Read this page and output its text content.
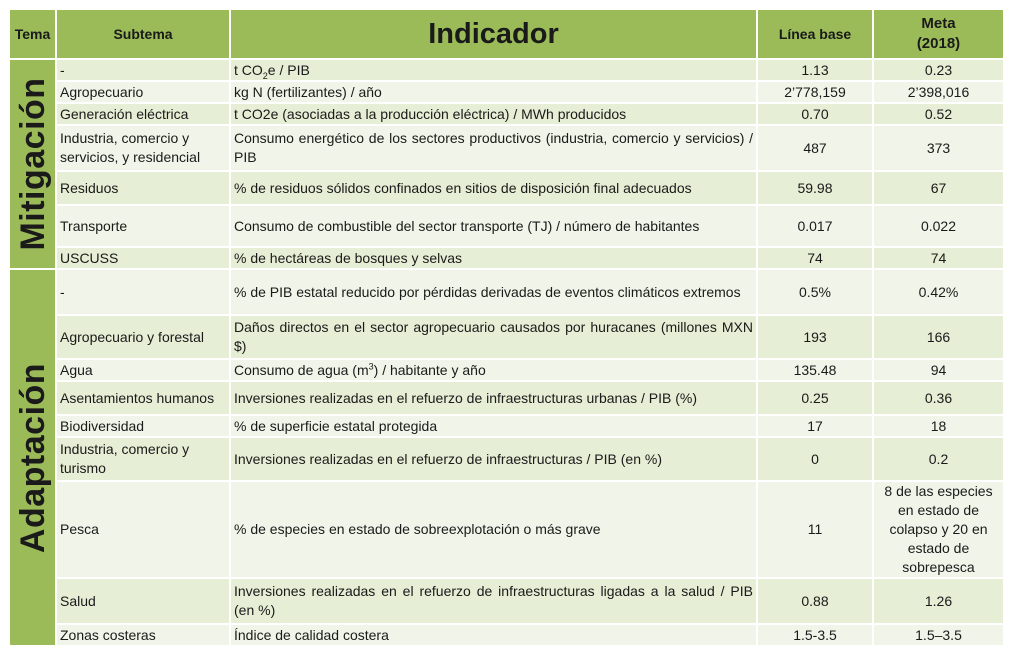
Tema	Subtema	Indicador	Línea base	Meta
(2018)

Mitigación	-	t $CO_2e$ / PIB	1.13	0.23
	Agropecuario	kg N (fertilizantes) / año	2’778,159	2’398,016
	Generación eléctrica	t CO2e (asociadas a la producción eléctrica) / MWh producidos	0.70	0.52
	Industria, comercio y servicios, y residencial	Consumo energético de los sectores productivos (industria, comercio y servicios) / PIB	487	373
	Residuos	% de residuos sólidos confinados en sitios de disposición final adecuados	59.98	67
	Transporte	Consumo de combustible del sector transporte (TJ) / número de habitantes	0.017	0.022
	USCUSS	% de hectáreas de bosques y selvas	74	74

Adaptación	-	% de PIB estatal reducido por pérdidas derivadas de eventos climáticos extremos	0.5%	0.42%
	Agropecuario y forestal	Daños directos en el sector agropecuario causados por huracanes (millones MXN $)	193	166
	Agua	Consumo de agua $(m^3)$ / habitante y año	135.48	94
	Asentamientos humanos	Inversiones realizadas en el refuerzo de infraestructuras urbanas / PIB (%)	0.25	0.36
	Biodiversidad	% de superficie estatal protegida	17	18
	Industria, comercio y turismo	Inversiones realizadas en el refuerzo de infraestructuras / PIB (en %)	0	0.2
	Pesca	% de especies en estado de sobreexplotación o más grave	11	8 de las especies en estado de colapso y 20 en estado de sobrepesca
	Salud	Inversiones realizadas en el refuerzo de infraestructuras ligadas a la salud / PIB (en %)	0.88	1.26
	Zonas costeras	Índice de calidad costera	1.5-3.5	1.5–3.5
